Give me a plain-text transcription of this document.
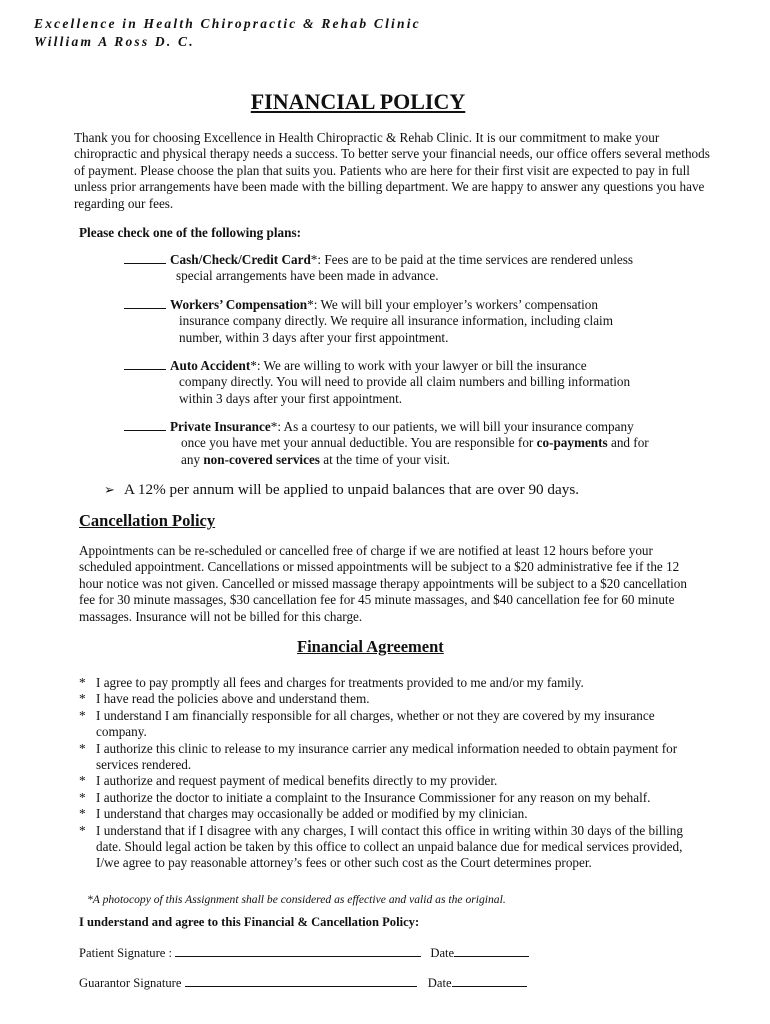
Excellence in Health Chiropractic & Rehab Clinic
William A Ross D. C.
FINANCIAL POLICY

Thank you for choosing Excellence in Health Chiropractic & Rehab Clinic. It is our commitment to make your chiropractic and physical therapy needs a success. To better serve your financial needs, our office offers several methods of payment. Please choose the plan that suits you. Patients who are here for their first visit are expected to pay in full unless prior arrangements have been made with the billing department. We are happy to answer any questions you have regarding our fees.

Please check one of the following plans:
Cash/Check/Credit Card*: Fees are to be paid at the time services are rendered unless
special arrangements have been made in advance.
Workers’ Compensation*: We will bill your employer’s workers’ compensation
insurance company directly. We require all insurance information, including claim
number, within 3 days after your first appointment.
Auto Accident*: We are willing to work with your lawyer or bill the insurance
company directly. You will need to provide all claim numbers and billing information
within 3 days after your first appointment.
Private Insurance*: As a courtesy to our patients, we will bill your insurance company
once you have met your annual deductible. You are responsible for co-payments and for
any non-covered services at the time of your visit.
➢ A 12% per annum will be applied to unpaid balances that are over 90 days.
Cancellation Policy

Appointments can be re-scheduled or cancelled free of charge if we are notified at least 12 hours before your scheduled appointment. Cancellations or missed appointments will be subject to a $20 administrative fee if the 12 hour notice was not given. Cancelled or missed massage therapy appointments will be subject to a $20 cancellation fee for 30 minute massages, $30 cancellation fee for 45 minute massages, and $40 cancellation fee for 60 minute massages. Insurance will not be billed for this charge.

Financial Agreement
* I agree to pay promptly all fees and charges for treatments provided to me and/or my family.
* I have read the policies above and understand them.
* I understand I am financially responsible for all charges, whether or not they are covered by my insurance company.
* I authorize this clinic to release to my insurance carrier any medical information needed to obtain payment for services rendered.
* I authorize and request payment of medical benefits directly to my provider.
* I authorize the doctor to initiate a complaint to the Insurance Commissioner for any reason on my behalf.
* I understand that charges may occasionally be added or modified by my clinician.
* I understand that if I disagree with any charges, I will contact this office in writing within 30 days of the billing date. Should legal action be taken by this office to collect an unpaid balance due for medical services provided, I/we agree to pay reasonable attorney’s fees or other such cost as the Court determines proper.
*A photocopy of this Assignment shall be considered as effective and valid as the original.
I understand and agree to this Financial & Cancellation Policy:
Patient Signature :	Date
Guarantor Signature	Date
